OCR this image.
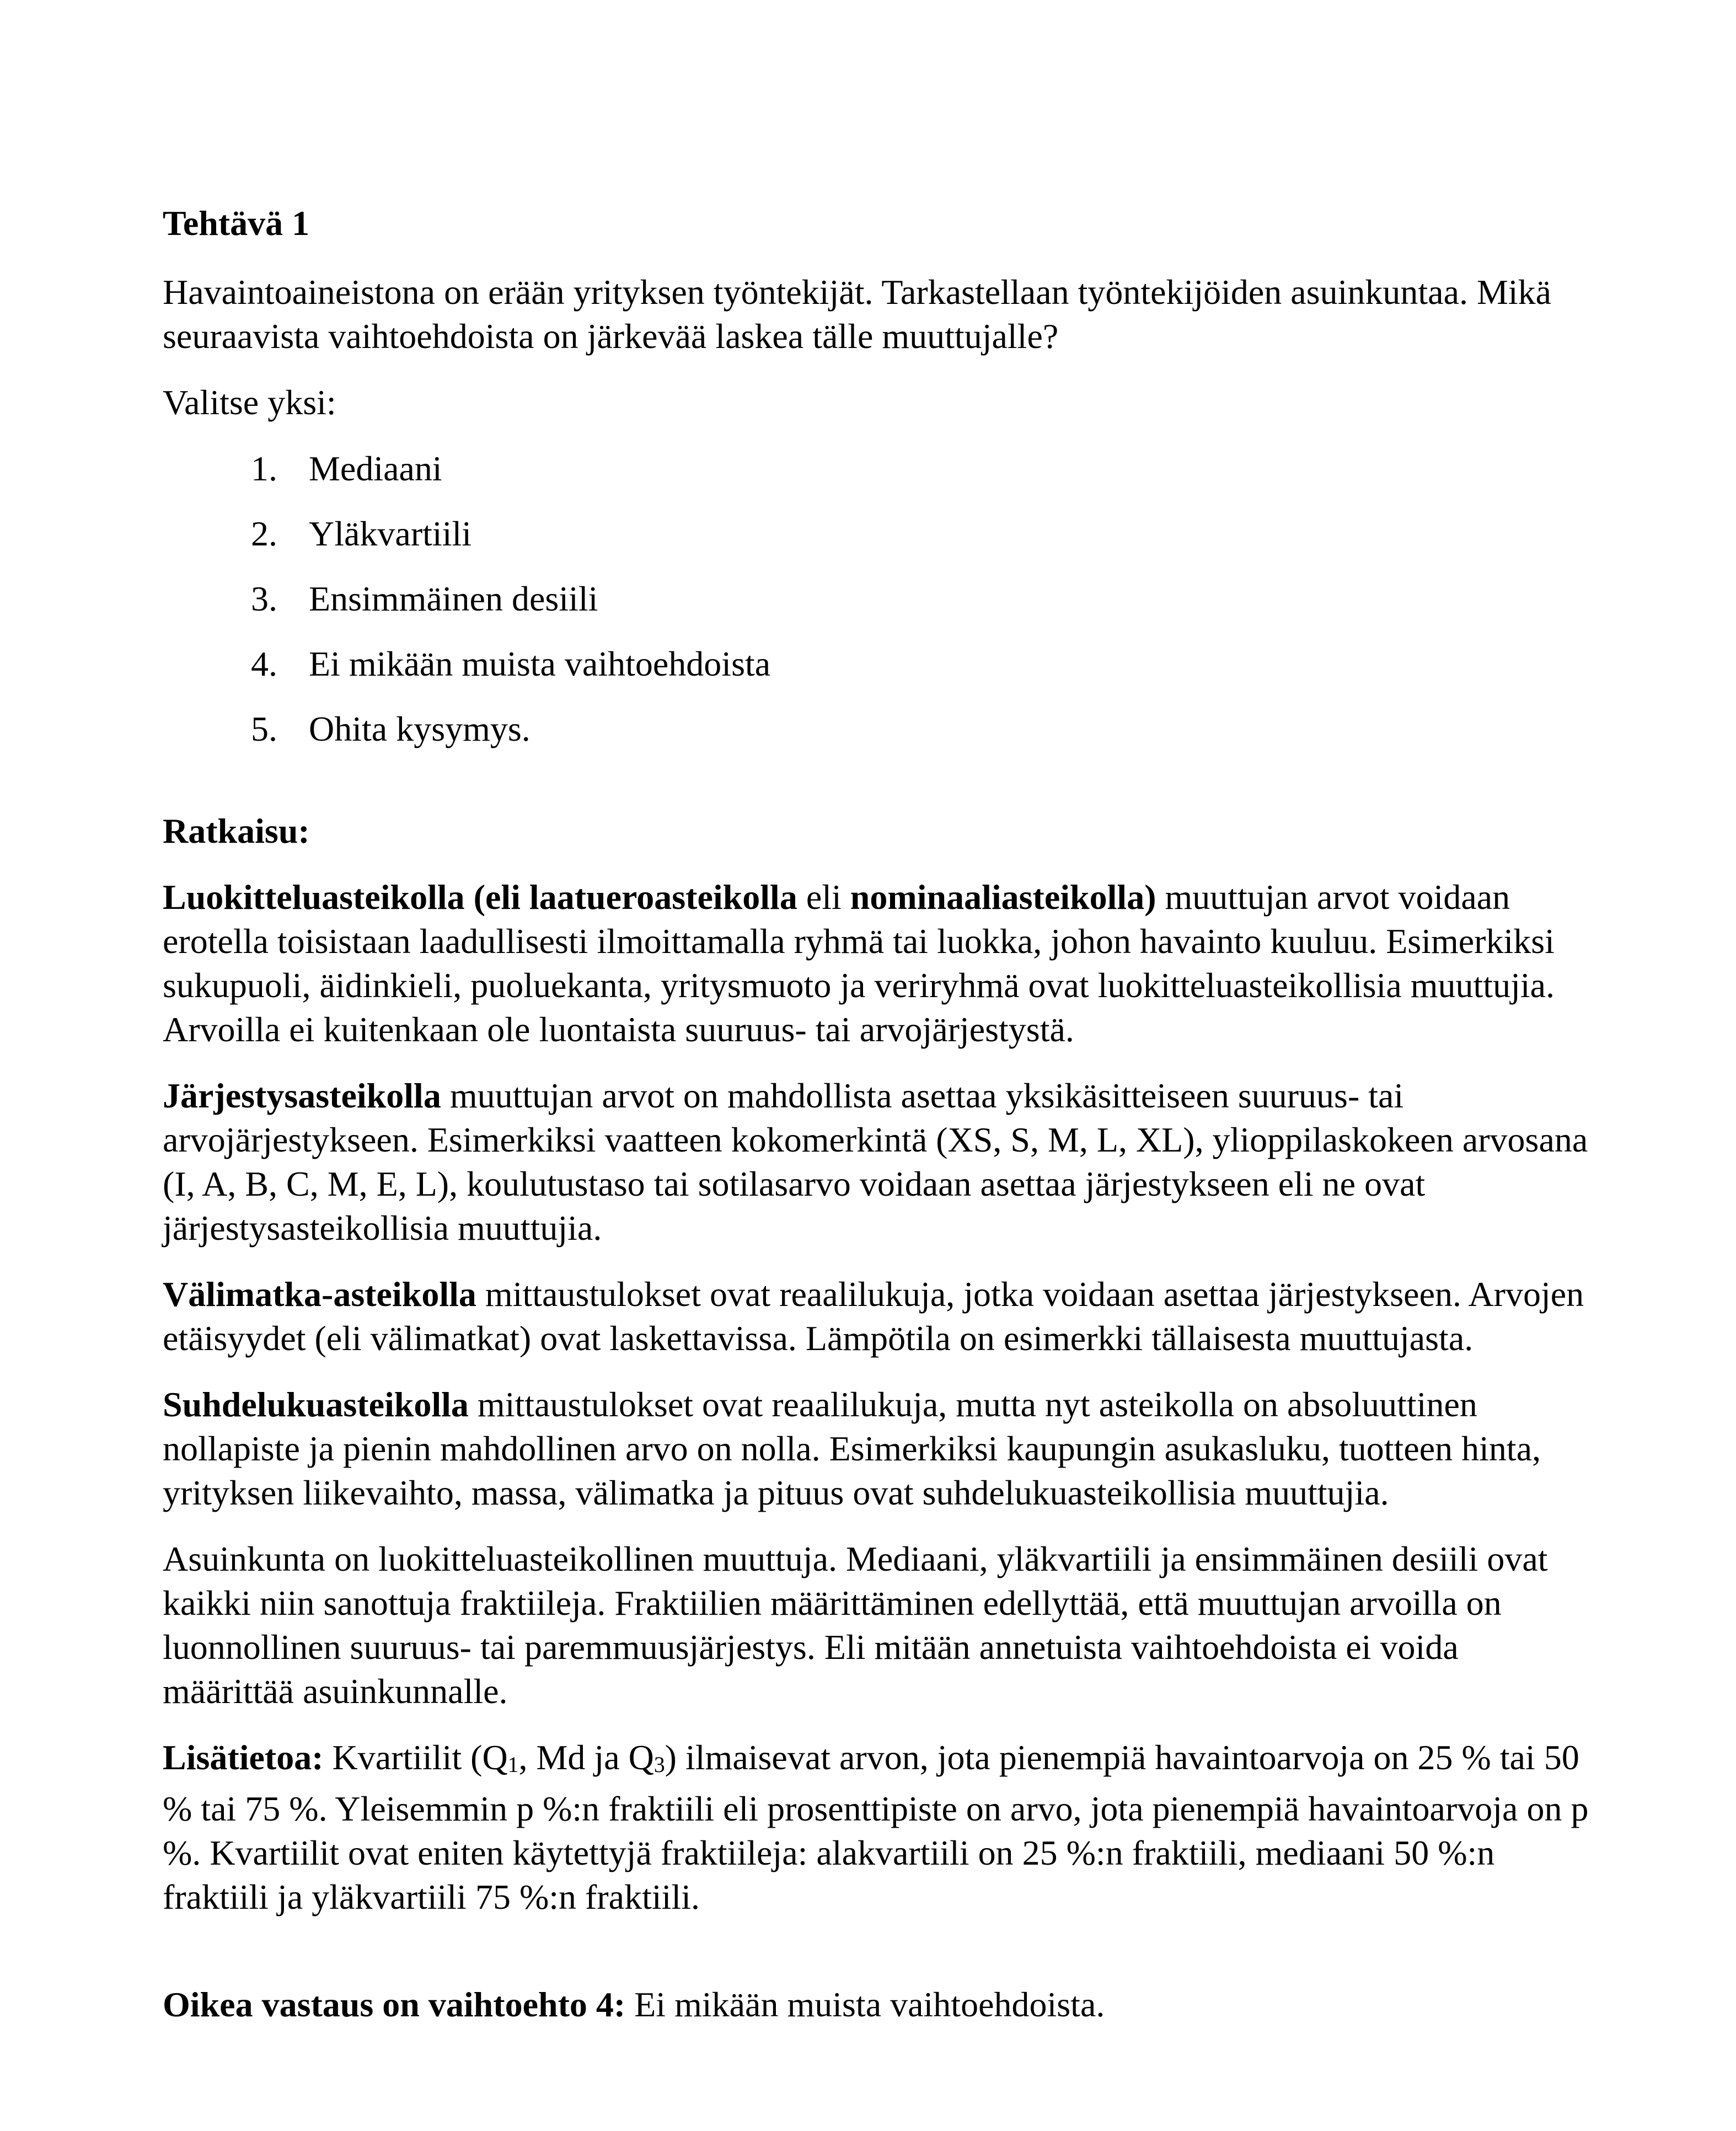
Tehtävä 1

Havaintoaineistona on erään yrityksen työntekijät. Tarkastellaan työntekijöiden asuinkuntaa. Mikä seuraavista vaihtoehdoista on järkevää laskea tälle muuttujalle?

Valitse yksi:

1. Mediaani
2. Yläkvartiili
3. Ensimmäinen desiili
4. Ei mikään muista vaihtoehdoista
5. Ohita kysymys.

Ratkaisu:

Luokitteluasteikolla (eli laatueroasteikolla eli nominaaliasteikolla) muuttujan arvot voidaan erotella toisistaan laadullisesti ilmoittamalla ryhmä tai luokka, johon havainto kuuluu. Esimerkiksi sukupuoli, äidinkieli, puoluekanta, yritysmuoto ja veriryhmä ovat luokitteluasteikollisia muuttujia. Arvoilla ei kuitenkaan ole luontaista suuruus- tai arvojärjestystä.

Järjestysasteikolla muuttujan arvot on mahdollista asettaa yksikäsitteiseen suuruus- tai arvojärjestykseen. Esimerkiksi vaatteen kokomerkintä (XS, S, M, L, XL), ylioppilaskokeen arvosana (I, A, B, C, M, E, L), koulutustaso tai sotilasarvo voidaan asettaa järjestykseen eli ne ovat järjestysasteikollisia muuttujia.

Välimatka-asteikolla mittaustulokset ovat reaalilukuja, jotka voidaan asettaa järjestykseen. Arvojen etäisyydet (eli välimatkat) ovat laskettavissa. Lämpötila on esimerkki tällaisesta muuttujasta.

Suhdelukuasteikolla mittaustulokset ovat reaalilukuja, mutta nyt asteikolla on absoluuttinen nollapiste ja pienin mahdollinen arvo on nolla. Esimerkiksi kaupungin asukasluku, tuotteen hinta, yrityksen liikevaihto, massa, välimatka ja pituus ovat suhdelukuasteikollisia muuttujia.

Asuinkunta on luokitteluasteikollinen muuttuja. Mediaani, yläkvartiili ja ensimmäinen desiili ovat kaikki niin sanottuja fraktiileja. Fraktiilien määrittäminen edellyttää, että muuttujan arvoilla on luonnollinen suuruus- tai paremmuusjärjestys. Eli mitään annetuista vaihtoehdoista ei voida määrittää asuinkunnalle.

Lisätietoa: Kvartiilit (Q1, Md ja Q3) ilmaisevat arvon, jota pienempiä havaintoarvoja on 25 % tai 50 % tai 75 %. Yleisemmin p %:n fraktiili eli prosenttipiste on arvo, jota pienempiä havaintoarvoja on p %. Kvartiilit ovat eniten käytettyjä fraktiileja: alakvartiili on 25 %:n fraktiili, mediaani 50 %:n fraktiili ja yläkvartiili 75 %:n fraktiili.

Oikea vastaus on vaihtoehto 4: Ei mikään muista vaihtoehdoista.
